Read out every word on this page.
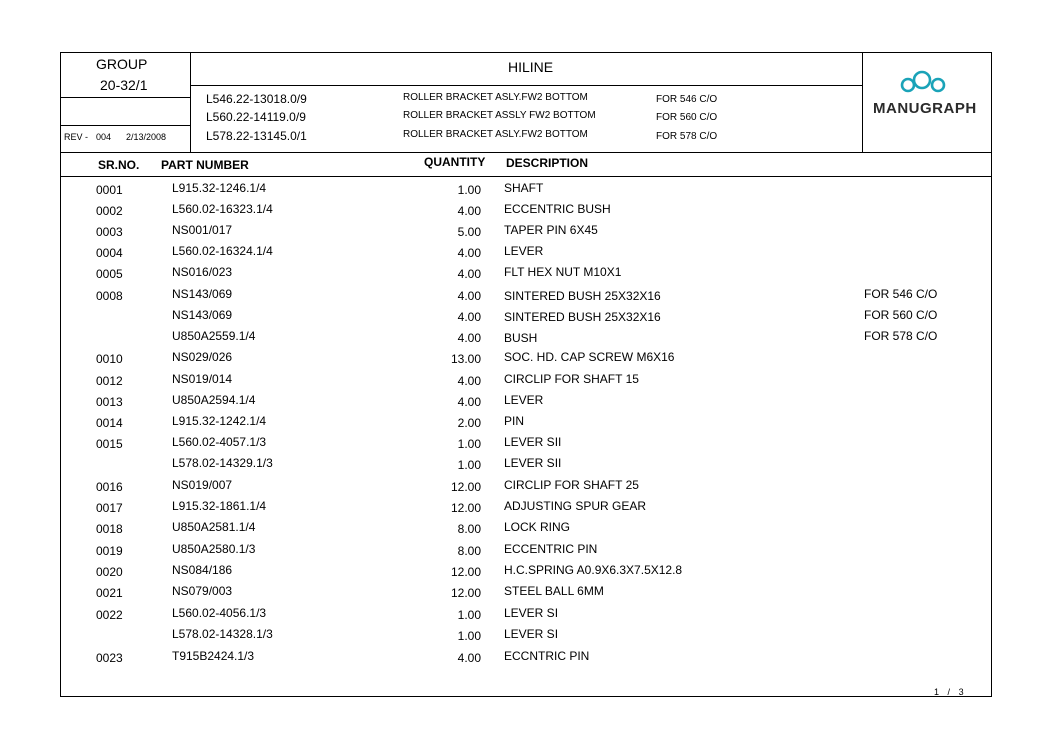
GROUP
20-32/1
REV - 004 2/13/2008
HILINE
L546.22-13018.0/9	ROLLER BRACKET ASLY.FW2 BOTTOM	FOR 546 C/O
L560.22-14119.0/9	ROLLER BRACKET ASSLY FW2 BOTTOM	FOR 560 C/O
L578.22-13145.0/1	ROLLER BRACKET ASLY.FW2 BOTTOM	FOR 578 C/O
MANUGRAPH
SR.NO. PART NUMBER	QUANTITY DESCRIPTION
0001	L915.32-1246.1/4	1.00 SHAFT
0002	L560.02-16323.1/4	4.00 ECCENTRIC BUSH
0003	NS001/017	5.00 TAPER PIN 6X45
0004	L560.02-16324.1/4	4.00 LEVER
0005	NS016/023	4.00 FLT HEX NUT M10X1
0008	NS143/069	4.00 SINTERED BUSH 25X32X16	FOR 546 C/O
NS143/069	4.00 SINTERED BUSH 25X32X16	FOR 560 C/O
U850A2559.1/4	4.00 BUSH	FOR 578 C/O
0010	NS029/026	13.00 SOC. HD. CAP SCREW M6X16
0012	NS019/014	4.00 CIRCLIP FOR SHAFT 15
0013	U850A2594.1/4	4.00 LEVER
0014	L915.32-1242.1/4	2.00 PIN
0015	L560.02-4057.1/3	1.00 LEVER SII
L578.02-14329.1/3	1.00 LEVER SII
0016	NS019/007	12.00 CIRCLIP FOR SHAFT 25
0017	L915.32-1861.1/4	12.00 ADJUSTING SPUR GEAR
0018	U850A2581.1/4	8.00 LOCK RING
0019	U850A2580.1/3	8.00 ECCENTRIC PIN
0020	NS084/186	12.00 H.C.SPRING A0.9X6.3X7.5X12.8
0021	NS079/003	12.00 STEEL BALL 6MM
0022	L560.02-4056.1/3	1.00 LEVER SI
L578.02-14328.1/3	1.00 LEVER SI
0023	T915B2424.1/3	4.00 ECCNTRIC PIN
1 / 3
